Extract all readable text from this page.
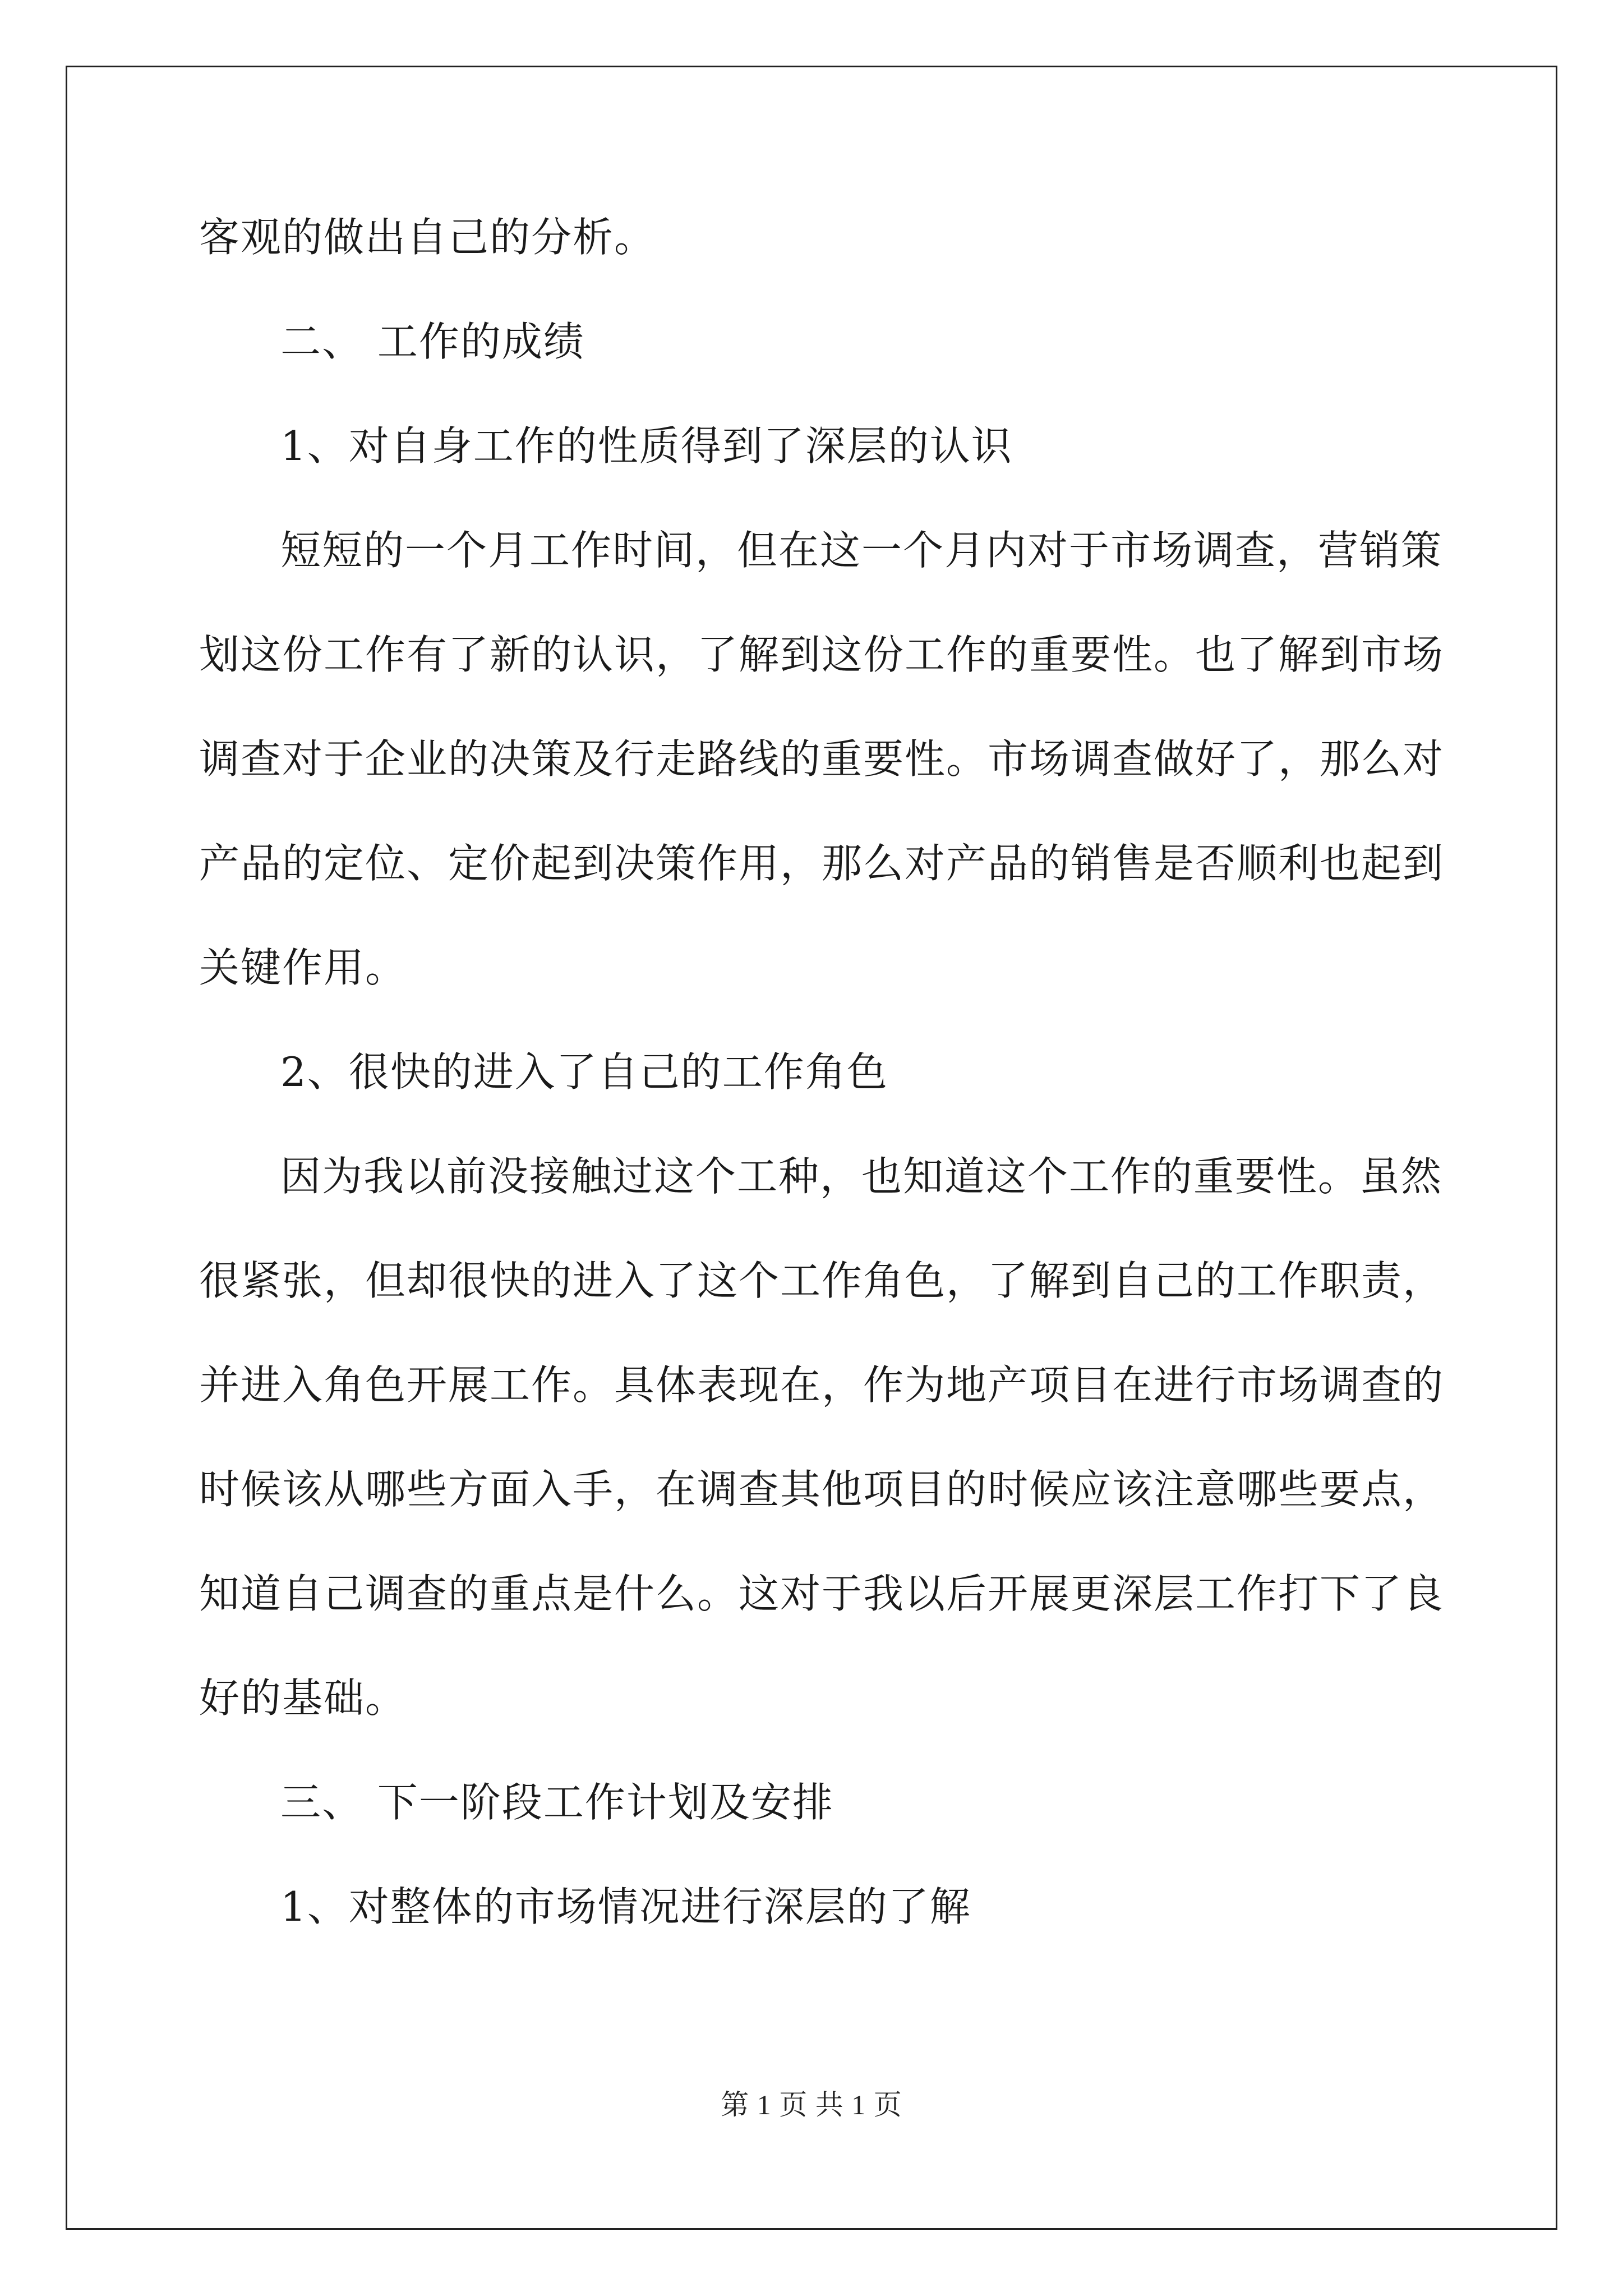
客观的做出自己的分析。
二、 工作的成绩
1、对自身工作的性质得到了深层的认识
短短的一个月工作时间，但在这一个月内对于市场调查，营销策
划这份工作有了新的认识，了解到这份工作的重要性。也了解到市场
调查对于企业的决策及行走路线的重要性。市场调查做好了，那么对
产品的定位、定价起到决策作用，那么对产品的销售是否顺利也起到
关键作用。
2、很快的进入了自己的工作角色
因为我以前没接触过这个工种，也知道这个工作的重要性。虽然
很紧张，但却很快的进入了这个工作角色，了解到自己的工作职责，
并进入角色开展工作。具体表现在，作为地产项目在进行市场调查的
时候该从哪些方面入手，在调查其他项目的时候应该注意哪些要点，
知道自己调查的重点是什么。这对于我以后开展更深层工作打下了良
好的基础。
三、 下一阶段工作计划及安排
1、对整体的市场情况进行深层的了解
第 1 页 共 1 页
